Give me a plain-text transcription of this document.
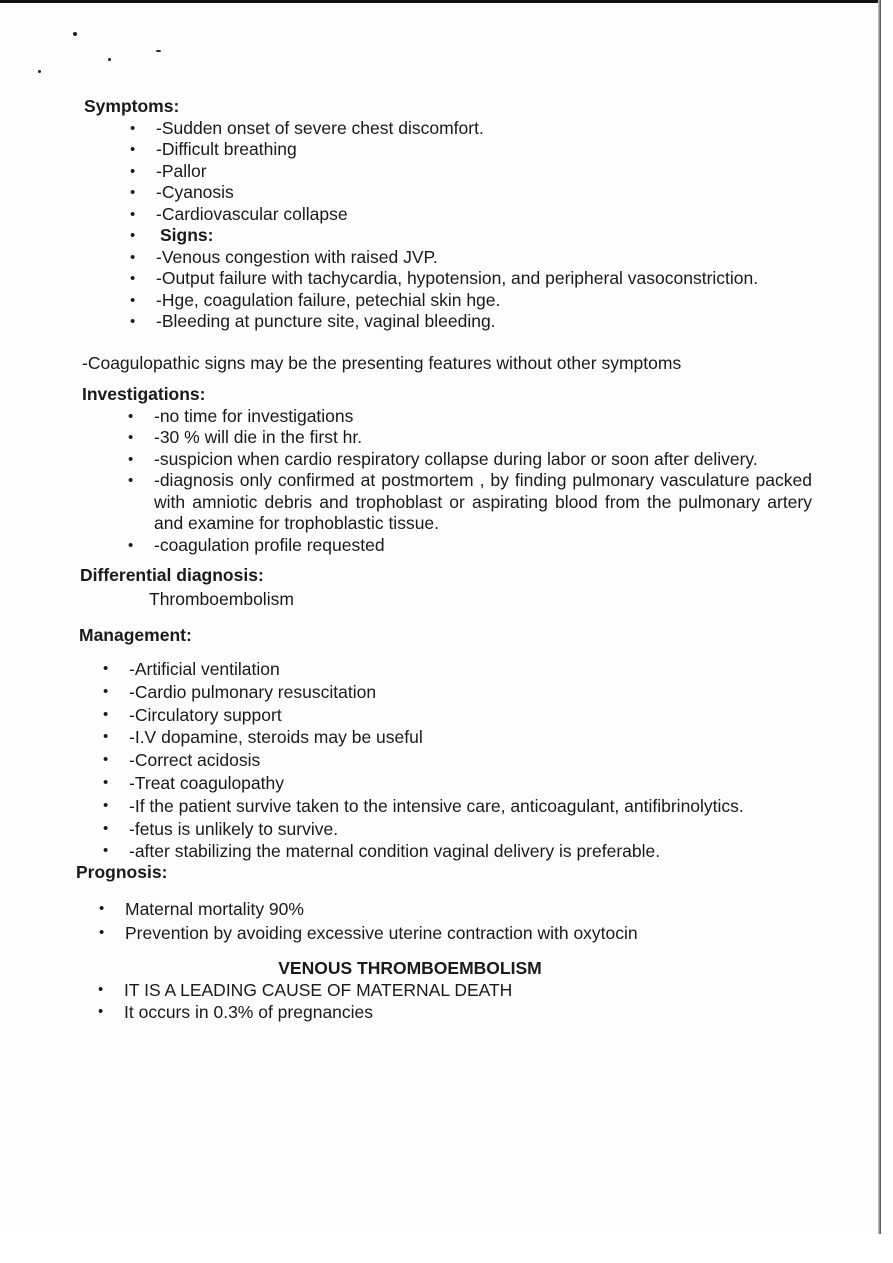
Symptoms:
• -Sudden onset of severe chest discomfort.
• -Difficult breathing
• -Pallor
• -Cyanosis
• -Cardiovascular collapse
• Signs:
• -Venous congestion with raised JVP.
• -Output failure with tachycardia, hypotension, and peripheral vasoconstriction.
• -Hge, coagulation failure, petechial skin hge.
• -Bleeding at puncture site, vaginal bleeding.
-Coagulopathic signs may be the presenting features without other symptoms
Investigations:
• -no time for investigations
• -30 % will die in the first hr.
• -suspicion when cardio respiratory collapse during labor or soon after delivery.
• -diagnosis only confirmed at postmortem , by finding pulmonary vasculature packed with amniotic debris and trophoblast or aspirating blood from the pulmonary artery and examine for trophoblastic tissue.
• -coagulation profile requested
Differential diagnosis:
Thromboembolism
Management:
• -Artificial ventilation
• -Cardio pulmonary resuscitation
• -Circulatory support
• -I.V dopamine, steroids may be useful
• -Correct acidosis
• -Treat coagulopathy
• -If the patient survive taken to the intensive care, anticoagulant, antifibrinolytics.
• -fetus is unlikely to survive.
• -after stabilizing the maternal condition vaginal delivery is preferable.
Prognosis:
• Maternal mortality 90%
• Prevention by avoiding excessive uterine contraction with oxytocin
VENOUS THROMBOEMBOLISM
• IT IS A LEADING CAUSE OF MATERNAL DEATH
• It occurs in 0.3% of pregnancies
